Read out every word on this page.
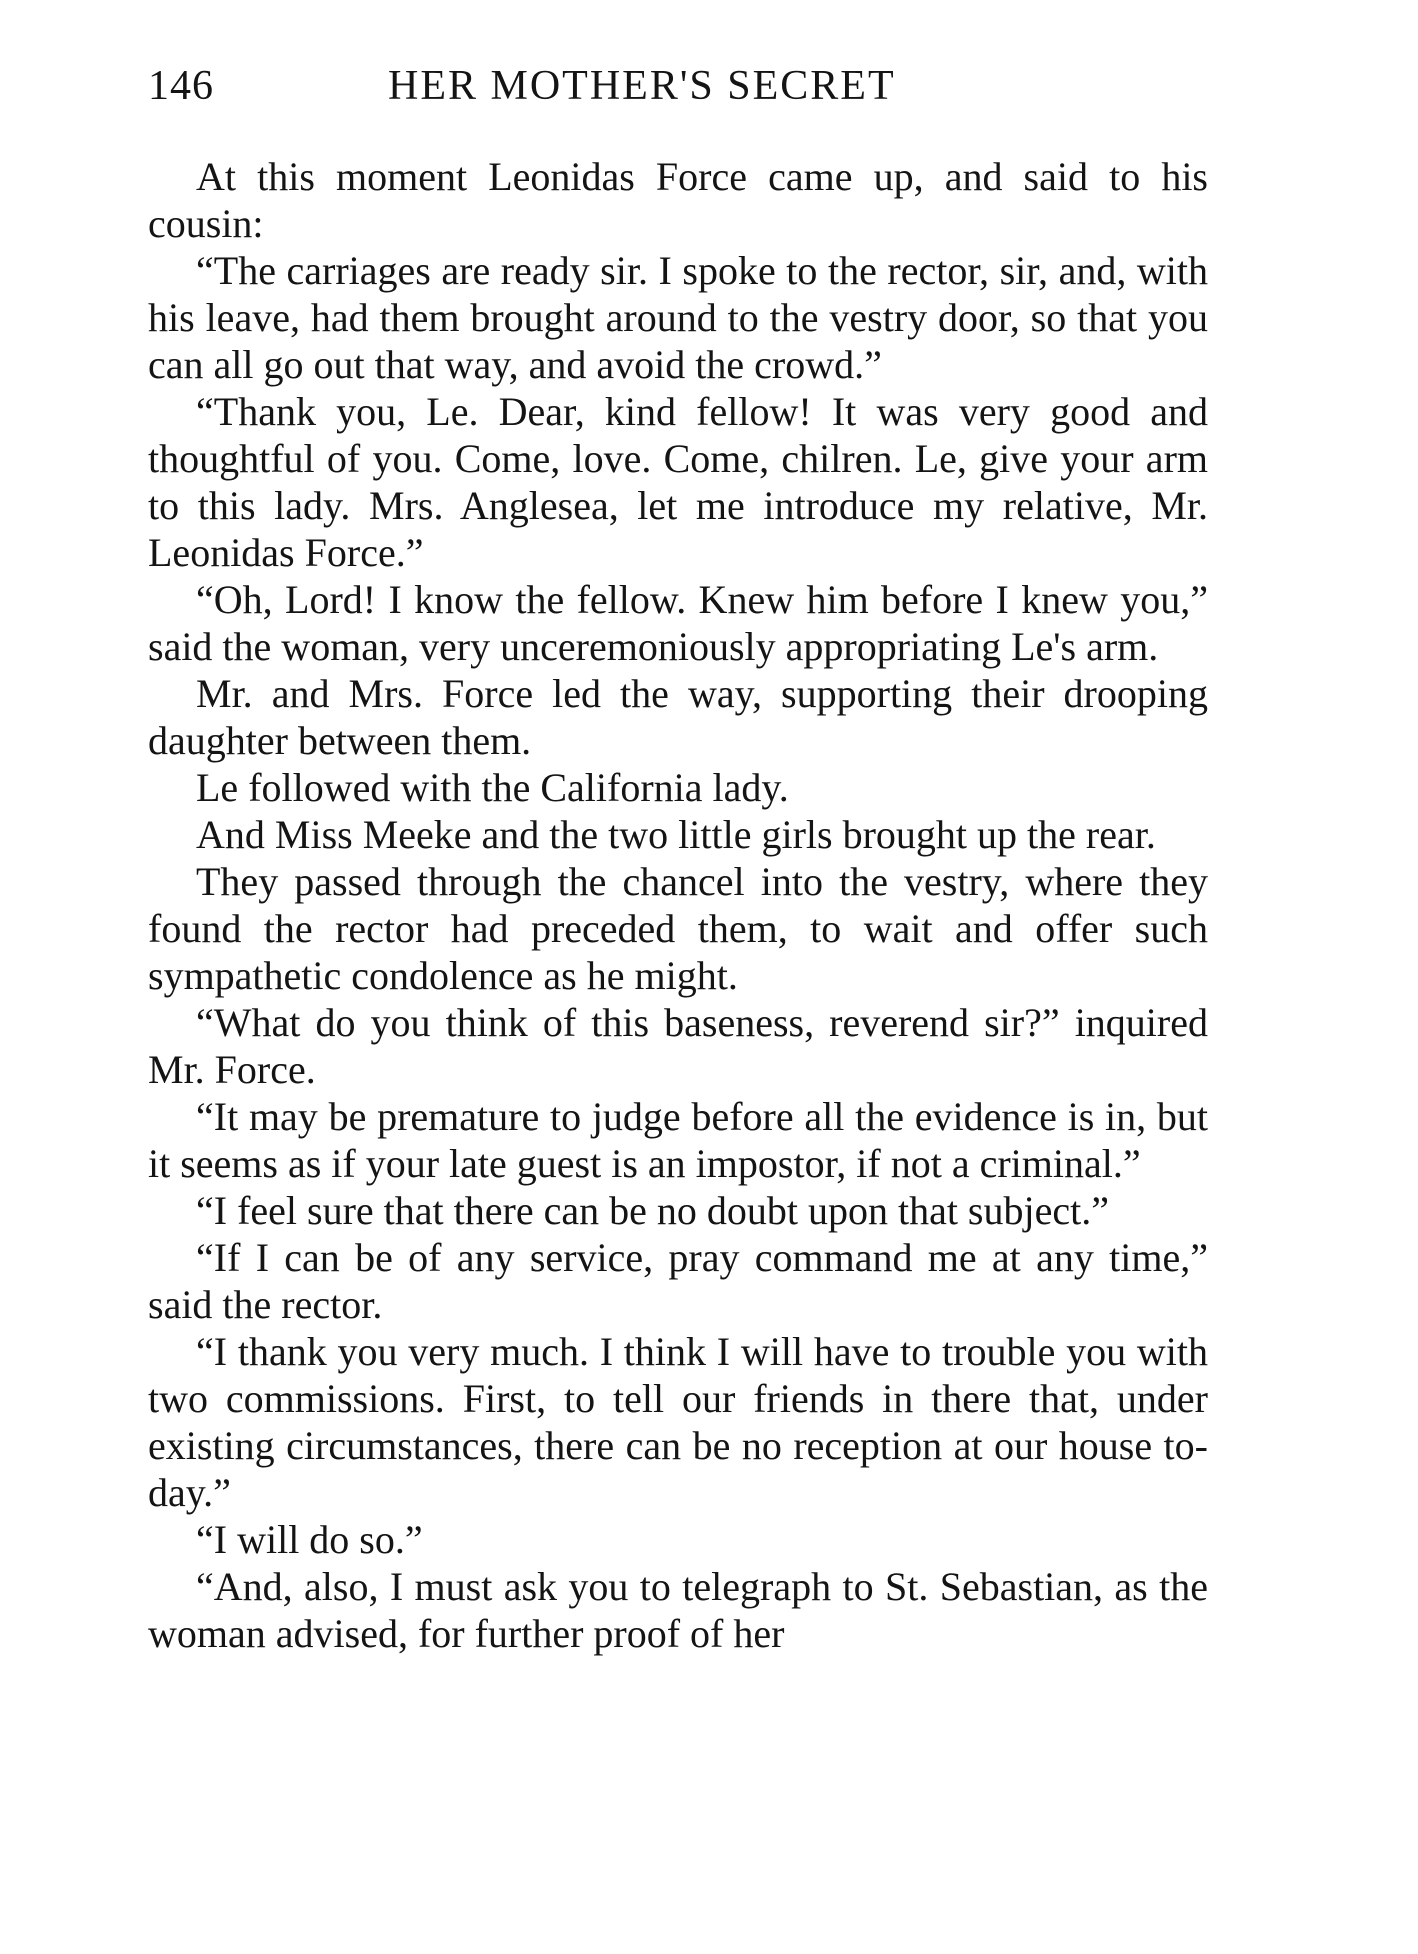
146	HER MOTHER'S SECRET

At this moment Leonidas Force came up, and said to his cousin:

“The carriages are ready sir. I spoke to the rector, sir, and, with his leave, had them brought around to the vestry door, so that you can all go out that way, and avoid the crowd.”

“Thank you, Le. Dear, kind fellow! It was very good and thoughtful of you. Come, love. Come, chilren. Le, give your arm to this lady. Mrs. Anglesea, let me introduce my relative, Mr. Leonidas Force.”

“Oh, Lord! I know the fellow. Knew him before I knew you,” said the woman, very unceremoniously appropriating Le's arm.

Mr. and Mrs. Force led the way, supporting their drooping daughter between them.

Le followed with the California lady.

And Miss Meeke and the two little girls brought up the rear.

They passed through the chancel into the vestry, where they found the rector had preceded them, to wait and offer such sympathetic condolence as he might.

“What do you think of this baseness, reverend sir?” inquired Mr. Force.

“It may be premature to judge before all the evidence is in, but it seems as if your late guest is an impostor, if not a criminal.”

“I feel sure that there can be no doubt upon that subject.”

“If I can be of any service, pray command me at any time,” said the rector.

“I thank you very much. I think I will have to trouble you with two commissions. First, to tell our friends in there that, under existing circumstances, there can be no reception at our house to-day.”

“I will do so.”

“And, also, I must ask you to telegraph to St. Sebastian, as the woman advised, for further proof of her
